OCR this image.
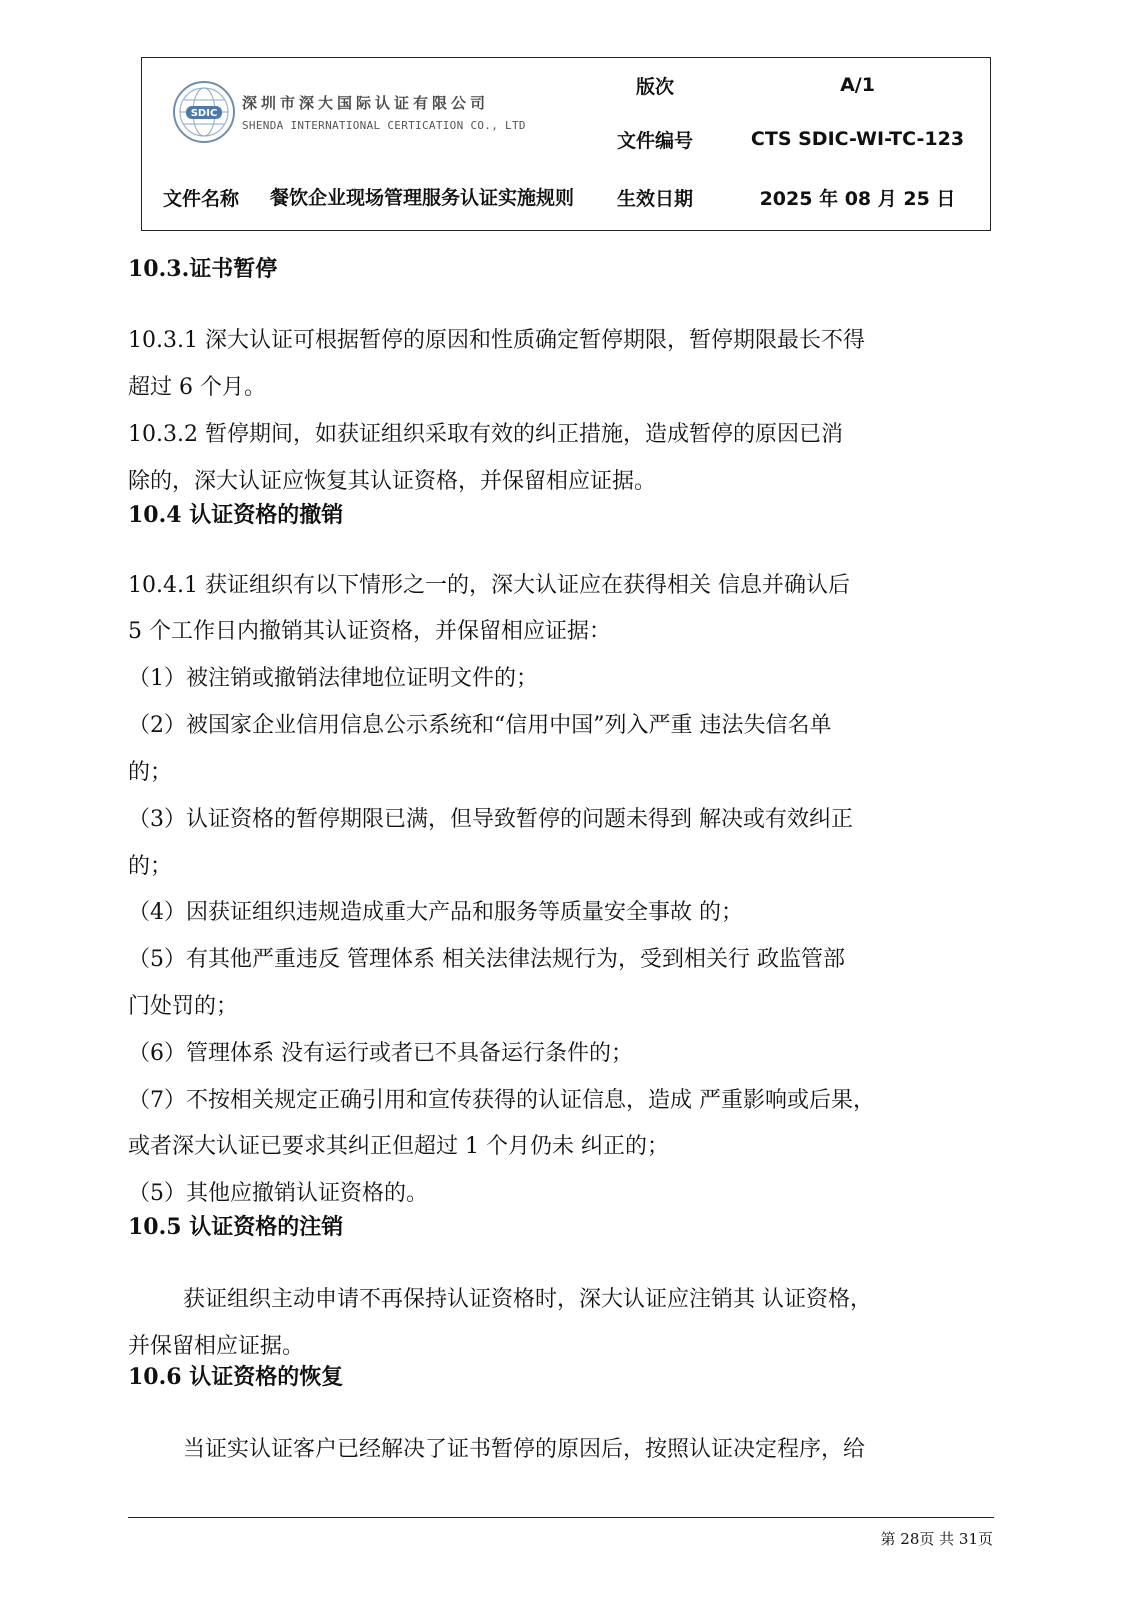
SDIC
深圳市深大国际认证有限公司
SHENDA INTERNATIONAL CERTICATION CO., LTD
版次	A/1
文件编号	CTS SDIC-WI-TC-123
文件名称	餐饮企业现场管理服务认证实施规则	生效日期	2025 年 08 月 25 日
10.3.证书暂停
10.3.1 深大认证可根据暂停的原因和性质确定暂停期限，暂停期限最长不得
超过 6 个月。
10.3.2 暂停期间，如获证组织采取有效的纠正措施，造成暂停的原因已消
除的，深大认证应恢复其认证资格，并保留相应证据。
10.4 认证资格的撤销
10.4.1 获证组织有以下情形之一的，深大认证应在获得相关 信息并确认后
5 个工作日内撤销其认证资格，并保留相应证据：
（1）被注销或撤销法律地位证明文件的；
（2）被国家企业信用信息公示系统和“信用中国”列入严重 违法失信名单
的；
（3）认证资格的暂停期限已满，但导致暂停的问题未得到 解决或有效纠正
的；
（4）因获证组织违规造成重大产品和服务等质量安全事故 的；
（5）有其他严重违反 管理体系 相关法律法规行为，受到相关行 政监管部
门处罚的；
（6）管理体系 没有运行或者已不具备运行条件的；
（7）不按相关规定正确引用和宣传获得的认证信息，造成 严重影响或后果，
或者深大认证已要求其纠正但超过 1 个月仍未 纠正的；
（5）其他应撤销认证资格的。
10.5 认证资格的注销
获证组织主动申请不再保持认证资格时，深大认证应注销其 认证资格，
并保留相应证据。
10.6 认证资格的恢复
当证实认证客户已经解决了证书暂停的原因后，按照认证决定程序，给
第 28页 共 31页
